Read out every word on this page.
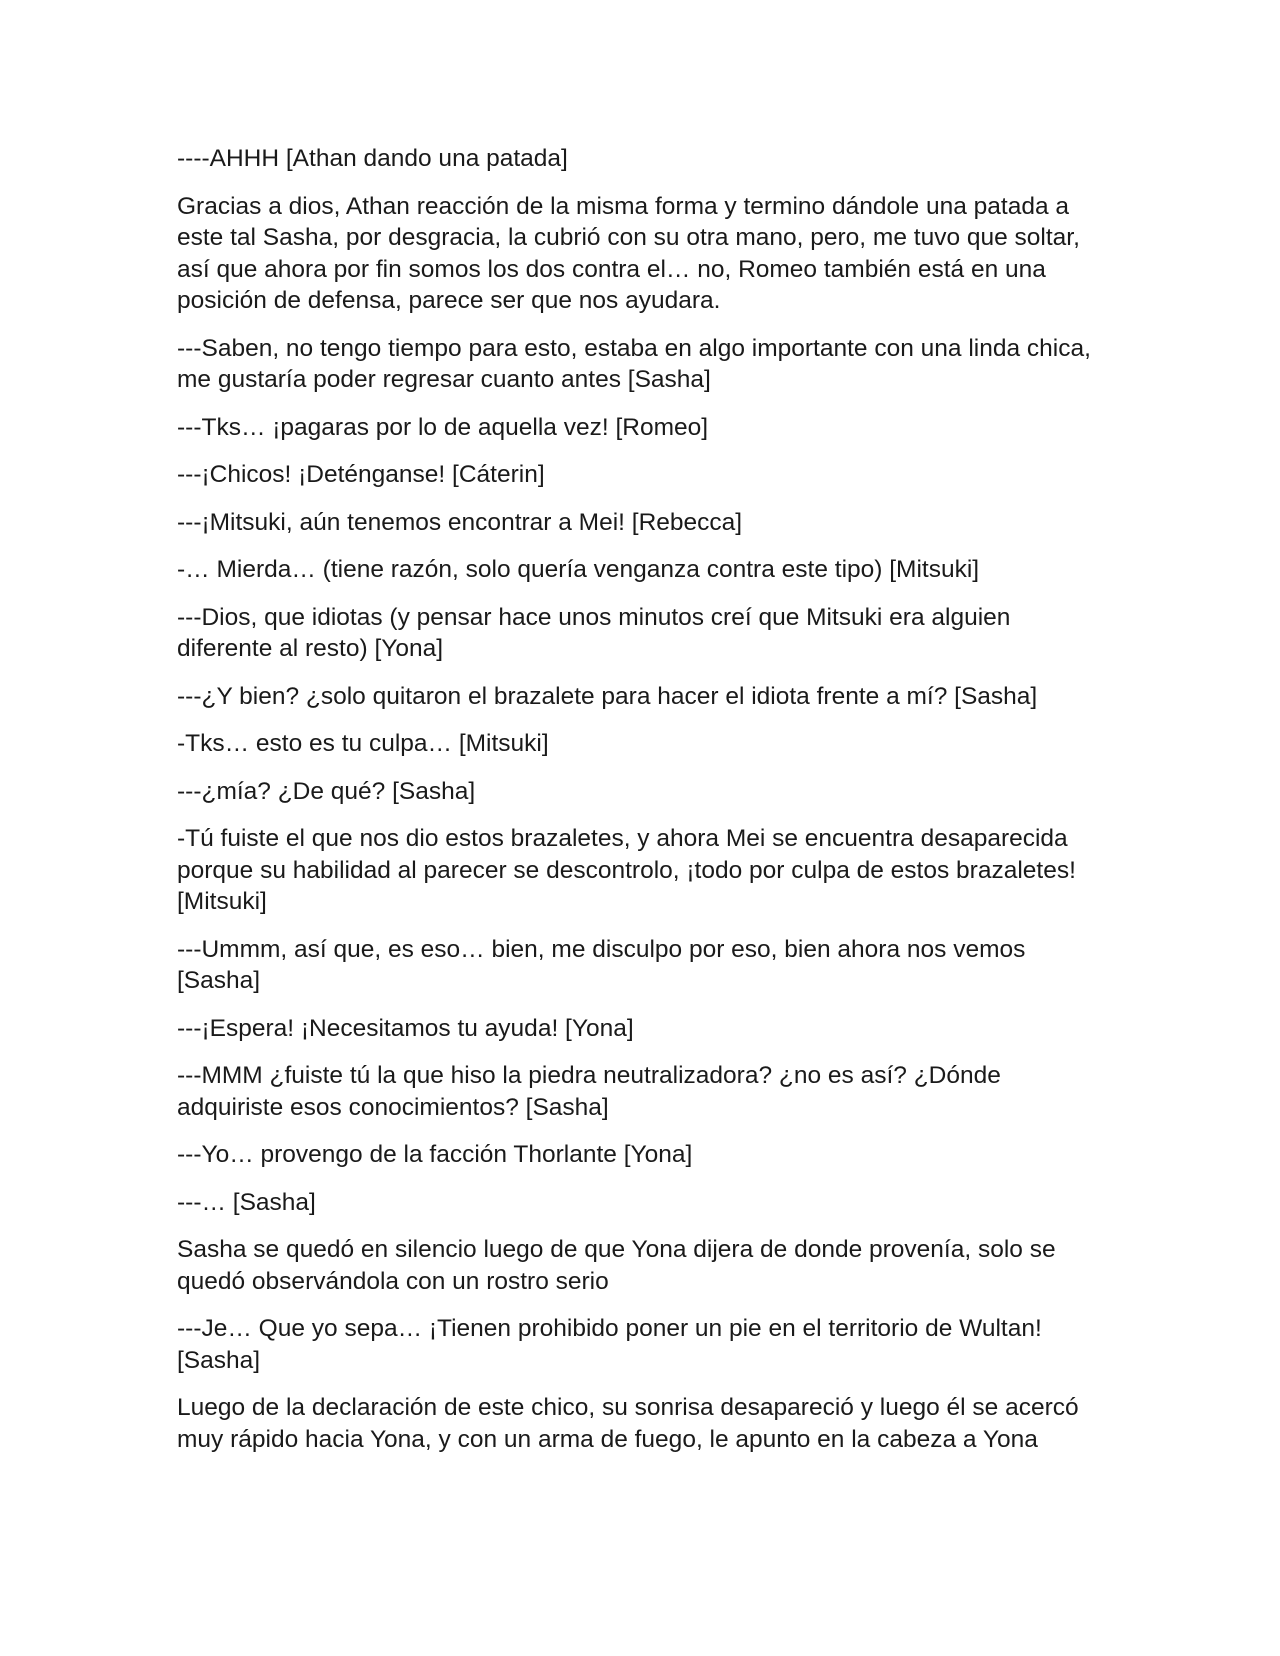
----AHHH [Athan dando una patada]

Gracias a dios, Athan reacción de la misma forma y termino dándole una patada a este tal Sasha, por desgracia, la cubrió con su otra mano, pero, me tuvo que soltar, así que ahora por fin somos los dos contra el… no, Romeo también está en una posición de defensa, parece ser que nos ayudara.

---Saben, no tengo tiempo para esto, estaba en algo importante con una linda chica, me gustaría poder regresar cuanto antes [Sasha]

---Tks… ¡pagaras por lo de aquella vez! [Romeo]

---¡Chicos! ¡Deténganse! [Cáterin]

---¡Mitsuki, aún tenemos encontrar a Mei! [Rebecca]

-… Mierda… (tiene razón, solo quería venganza contra este tipo) [Mitsuki]

---Dios, que idiotas (y pensar hace unos minutos creí que Mitsuki era alguien diferente al resto) [Yona]

---¿Y bien? ¿solo quitaron el brazalete para hacer el idiota frente a mí? [Sasha]

-Tks… esto es tu culpa… [Mitsuki]

---¿mía? ¿De qué? [Sasha]

-Tú fuiste el que nos dio estos brazaletes, y ahora Mei se encuentra desaparecida porque su habilidad al parecer se descontrolo, ¡todo por culpa de estos brazaletes! [Mitsuki]

---Ummm, así que, es eso… bien, me disculpo por eso, bien ahora nos vemos [Sasha]

---¡Espera! ¡Necesitamos tu ayuda! [Yona]

---MMM ¿fuiste tú la que hiso la piedra neutralizadora? ¿no es así? ¿Dónde adquiriste esos conocimientos? [Sasha]

---Yo… provengo de la facción Thorlante [Yona]

---… [Sasha]

Sasha se quedó en silencio luego de que Yona dijera de donde provenía, solo se quedó observándola con un rostro serio

---Je… Que yo sepa… ¡Tienen prohibido poner un pie en el territorio de Wultan! [Sasha]

Luego de la declaración de este chico, su sonrisa desapareció y luego él se acercó muy rápido hacia Yona, y con un arma de fuego, le apunto en la cabeza a Yona
